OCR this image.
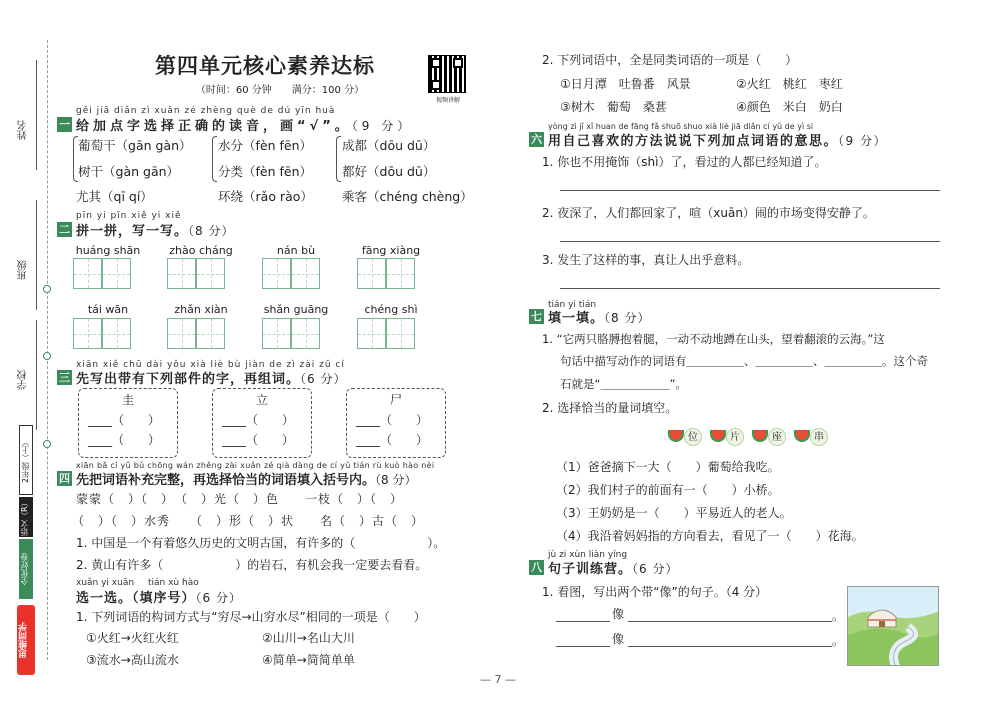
姓名
班级
学校
2年级（上）
语文（R）
全优好卷
思维同学
第四单元核心素养达标
（时间：60 分钟　　满分：100 分）
视频讲解
gěi jiā diǎn zì xuǎn zé zhèng què de dú yīn huà
一 给加点字选择正确的读音，画“√”。（9 分）
葡萄干（gān gàn） 水分（fèn fēn） 成都（dōu dū）
树干（gàn gān）	分类（fèn fēn） 都好（dōu dū）
尤其（qī qí）	环绕（rǎo rào） 乘客（chéng chèng）
pīn yi pīn xiě yi xiě
二 拼一拼，写一写。（8 分）
huáng shān	zhào cháng	nán bù	fāng xiàng
tái wān	zhǎn xiàn	shǎn guāng	chéng shì
xiān xiě chū dài yǒu xià liè bù jiàn de zì zài zǔ cí
三 先写出带有下列部件的字，再组词。（6 分）
圭
____（  ）
____（  ）
立
____（  ）
____（  ）
尸
____（  ）
____（  ）
xiān bǎ cí yǔ bǔ chōng wán zhěng zài xuǎn zé qià dàng de cí yǔ tián rù kuò hào nèi
四 先把词语补充完整，再选择恰当的词语填入括号内。（8 分）
蒙蒙（　）（　）　（　）光（　）色　　一枝（　）（　）
（　）（　）水秀　　（　）形（　）状　　名（　）古（　）
1. 中国是一个有着悠久历史的文明古国，有许多的（　　　　　　）。
2. 黄山有许多（　　　　　　）的岩石，有机会我一定要去看看。
xuǎn yi xuǎn tián xù hào
选一选。（填序号）（6 分）
1. 下列词语的构词方式与“穷尽→山穷水尽”相同的一项是（　　）
①火红→火红火红	②山川→名山大川
③流水→高山流水	④简单→简简单单
2. 下列词语中，全是同类词语的一项是（　　）
①日月潭　吐鲁番　风景	②火红　桃红　枣红
③树木　葡萄　桑葚	④颜色　米白　奶白
yòng zì jǐ xǐ huan de fāng fǎ shuō shuo xià liè jiā diǎn cí yǔ de yì si
六 用自己喜欢的方法说说下列加点词语的意思。（9 分）
1. 你也不用掩饰（shì）了，看过的人都已经知道了。
2. 夜深了，人们都回家了，喧（xuān）闹的市场变得安静了。
3. 发生了这样的事，真让人出乎意料。
tián yi tián
七 填一填。（8 分）
1. “它两只胳膊抱着腿，一动不动地蹲在山头，望着翻滚的云海。”这
句话中描写动作的词语有＿＿＿＿＿、＿＿＿＿＿、＿＿＿＿＿。这个奇
石就是“＿＿＿＿＿＿”。
2. 选择恰当的量词填空。
位	片	座	串
（1）爸爸摘下一大（　　）葡萄给我吃。
（2）我们村子的前面有一（　　）小桥。
（3）王奶奶是一（　　）平易近人的老人。
（4）我沿着妈妈指的方向看去，看见了一（　　）花海。
jù zi xùn liàn yíng
八 句子训练营。（6 分）
1. 看图，写出两个带“像”的句子。（4 分）
像	。
像	。
— 7 —
